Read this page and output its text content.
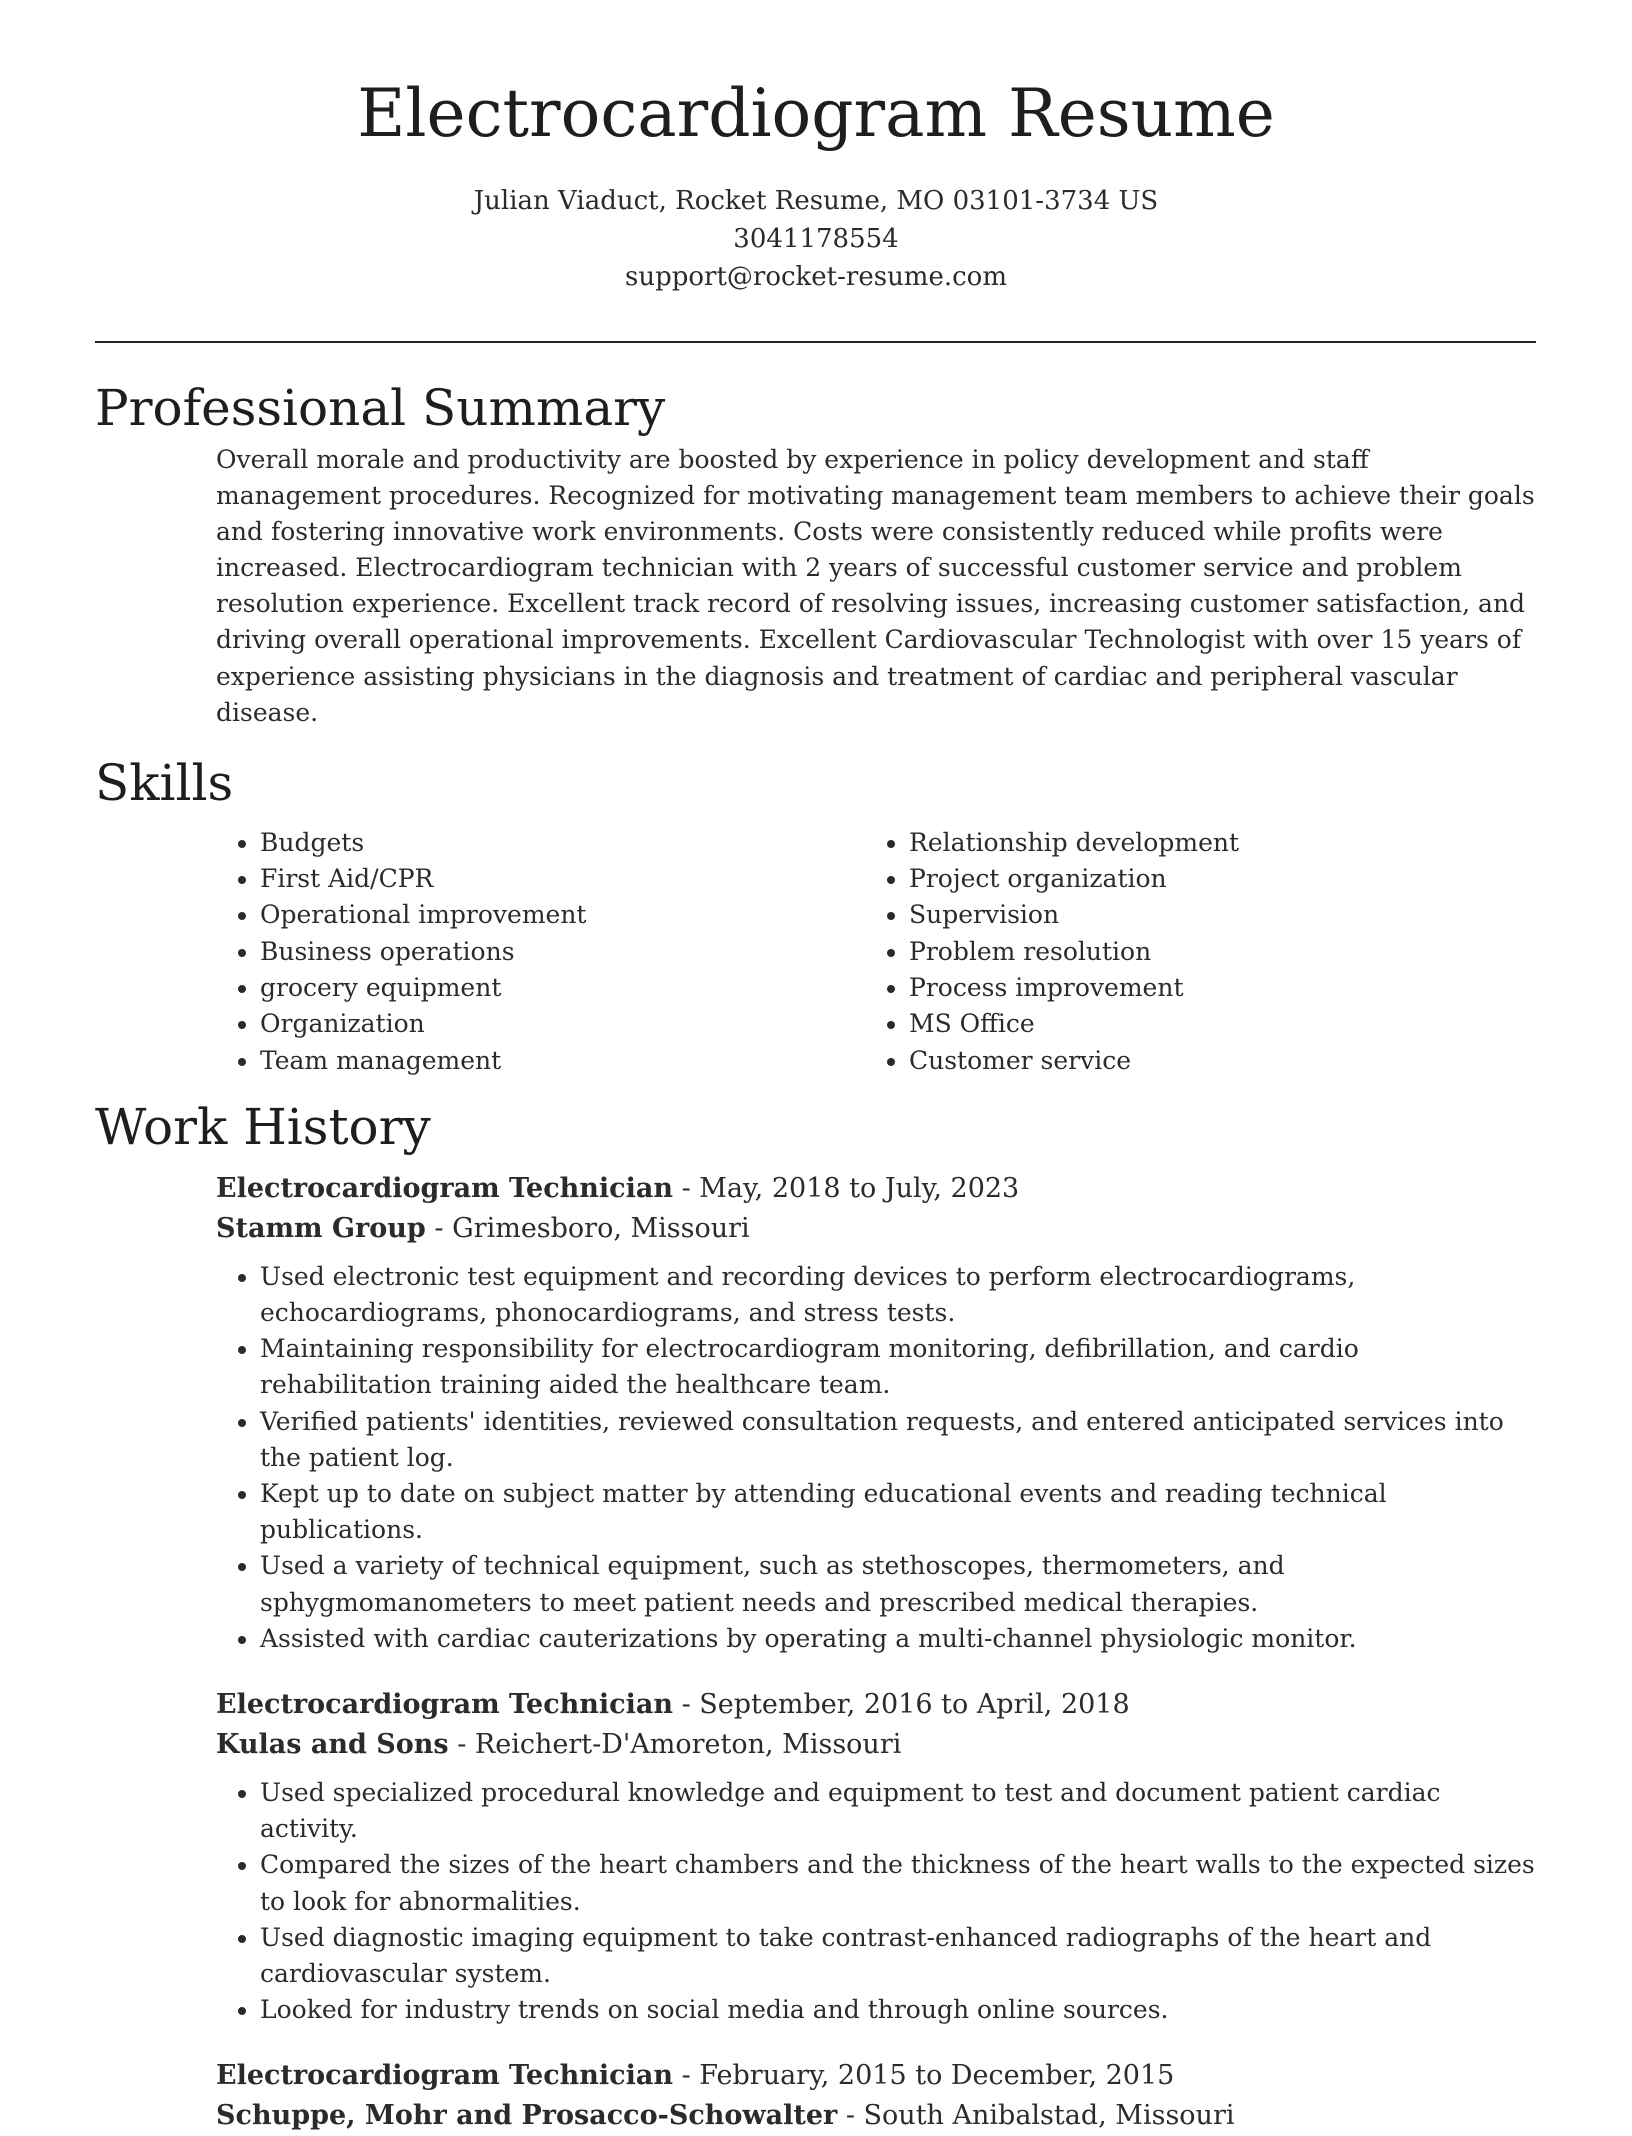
Electrocardiogram Resume
Julian Viaduct, Rocket Resume, MO 03101-3734 US
3041178554
support@rocket-resume.com
Professional Summary

Overall morale and productivity are boosted by experience in policy development and staff management procedures. Recognized for motivating management team members to achieve their goals and fostering innovative work environments. Costs were consistently reduced while profits were increased. Electrocardiogram technician with 2 years of successful customer service and problem resolution experience. Excellent track record of resolving issues, increasing customer satisfaction, and driving overall operational improvements. Excellent Cardiovascular Technologist with over 15 years of experience assisting physicians in the diagnosis and treatment of cardiac and peripheral vascular disease.

Skills
• Budgets
• First Aid/CPR
• Operational improvement
• Business operations
• grocery equipment
• Organization
• Team management
• Relationship development
• Project organization
• Supervision
• Problem resolution
• Process improvement
• MS Office
• Customer service
Work History
Electrocardiogram Technician - May, 2018 to July, 2023
Stamm Group - Grimesboro, Missouri
• Used electronic test equipment and recording devices to perform electrocardiograms, echocardiograms, phonocardiograms, and stress tests.
• Maintaining responsibility for electrocardiogram monitoring, defibrillation, and cardio rehabilitation training aided the healthcare team.
• Verified patients' identities, reviewed consultation requests, and entered anticipated services into the patient log.
• Kept up to date on subject matter by attending educational events and reading technical publications.
• Used a variety of technical equipment, such as stethoscopes, thermometers, and sphygmomanometers to meet patient needs and prescribed medical therapies.
• Assisted with cardiac cauterizations by operating a multi-channel physiologic monitor.
Electrocardiogram Technician - September, 2016 to April, 2018
Kulas and Sons - Reichert-D'Amoreton, Missouri
• Used specialized procedural knowledge and equipment to test and document patient cardiac activity.
• Compared the sizes of the heart chambers and the thickness of the heart walls to the expected sizes to look for abnormalities.
• Used diagnostic imaging equipment to take contrast-enhanced radiographs of the heart and cardiovascular system.
• Looked for industry trends on social media and through online sources.
Electrocardiogram Technician - February, 2015 to December, 2015
Schuppe, Mohr and Prosacco-Schowalter - South Anibalstad, Missouri
